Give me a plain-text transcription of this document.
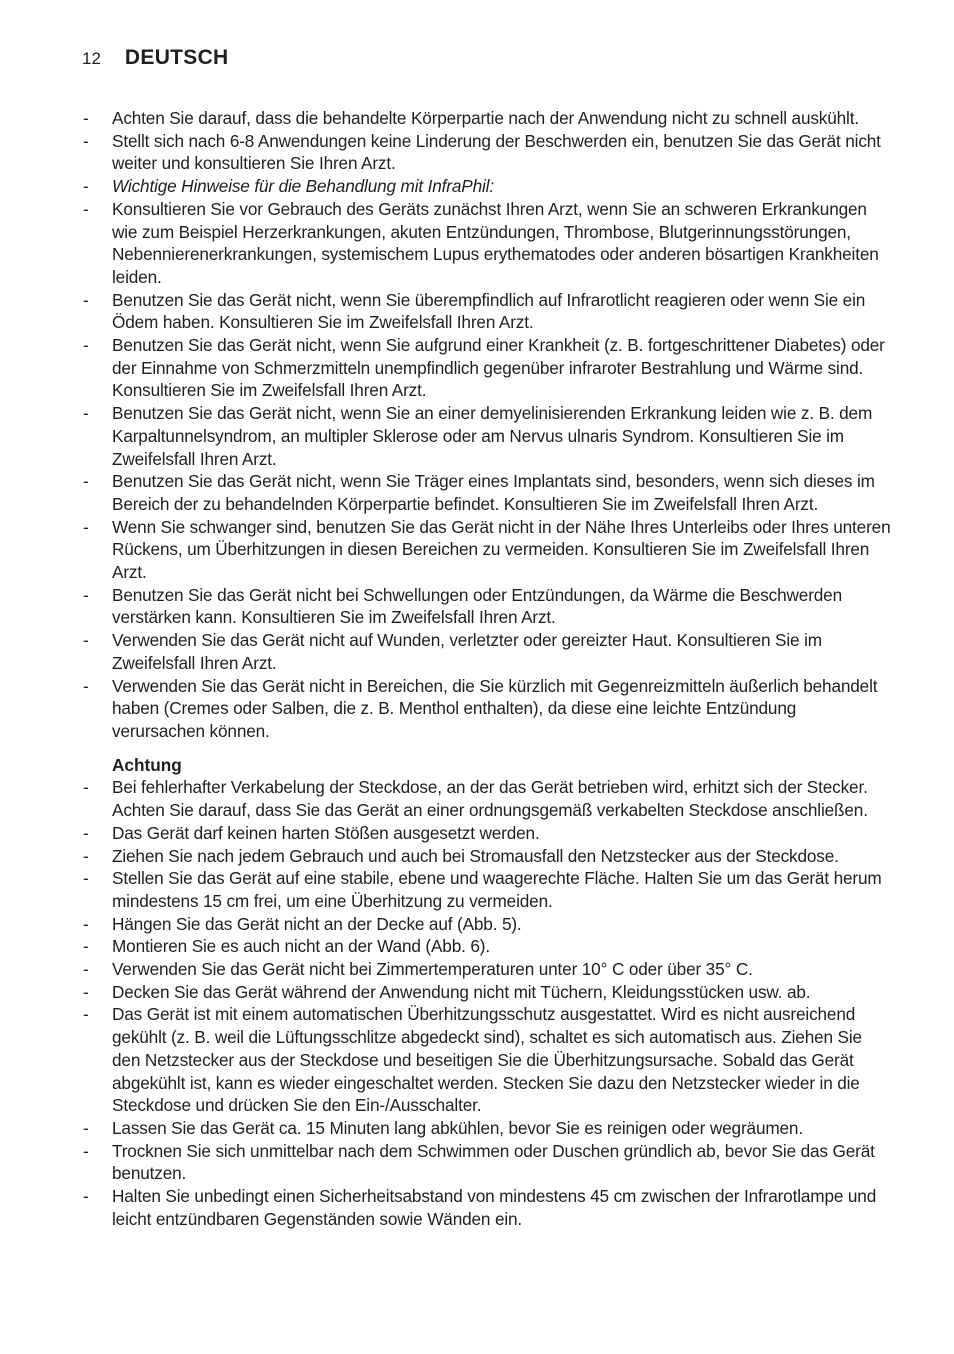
12 DEUTSCH
- Achten Sie darauf, dass die behandelte Körperpartie nach der Anwendung nicht zu schnell auskühlt.
- Stellt sich nach 6-8 Anwendungen keine Linderung der Beschwerden ein, benutzen Sie das Gerät nicht weiter und konsultieren Sie Ihren Arzt.
- Wichtige Hinweise für die Behandlung mit InfraPhil:
- Konsultieren Sie vor Gebrauch des Geräts zunächst Ihren Arzt, wenn Sie an schweren Erkrankungen wie zum Beispiel Herzerkrankungen, akuten Entzündungen, Thrombose, Blutgerinnungsstörungen, Nebennierenerkrankungen, systemischem Lupus erythematodes oder anderen bösartigen Krankheiten leiden.
- Benutzen Sie das Gerät nicht, wenn Sie überempfindlich auf Infrarotlicht reagieren oder wenn Sie ein Ödem haben. Konsultieren Sie im Zweifelsfall Ihren Arzt.
- Benutzen Sie das Gerät nicht, wenn Sie aufgrund einer Krankheit (z. B. fortgeschrittener Diabetes) oder der Einnahme von Schmerzmitteln unempfindlich gegenüber infraroter Bestrahlung und Wärme sind. Konsultieren Sie im Zweifelsfall Ihren Arzt.
- Benutzen Sie das Gerät nicht, wenn Sie an einer demyelinisierenden Erkrankung leiden wie z. B. dem Karpaltunnelsyndrom, an multipler Sklerose oder am Nervus ulnaris Syndrom. Konsultieren Sie im Zweifelsfall Ihren Arzt.
- Benutzen Sie das Gerät nicht, wenn Sie Träger eines Implantats sind, besonders, wenn sich dieses im Bereich der zu behandelnden Körperpartie befindet. Konsultieren Sie im Zweifelsfall Ihren Arzt.
- Wenn Sie schwanger sind, benutzen Sie das Gerät nicht in der Nähe Ihres Unterleibs oder Ihres unteren Rückens, um Überhitzungen in diesen Bereichen zu vermeiden. Konsultieren Sie im Zweifelsfall Ihren Arzt.
- Benutzen Sie das Gerät nicht bei Schwellungen oder Entzündungen, da Wärme die Beschwerden verstärken kann. Konsultieren Sie im Zweifelsfall Ihren Arzt.
- Verwenden Sie das Gerät nicht auf Wunden, verletzter oder gereizter Haut. Konsultieren Sie im Zweifelsfall Ihren Arzt.
- Verwenden Sie das Gerät nicht in Bereichen, die Sie kürzlich mit Gegenreizmitteln äußerlich behandelt haben (Cremes oder Salben, die z. B. Menthol enthalten), da diese eine leichte Entzündung verursachen können.
Achtung
- Bei fehlerhafter Verkabelung der Steckdose, an der das Gerät betrieben wird, erhitzt sich der Stecker. Achten Sie darauf, dass Sie das Gerät an einer ordnungsgemäß verkabelten Steckdose anschließen.
- Das Gerät darf keinen harten Stößen ausgesetzt werden.
- Ziehen Sie nach jedem Gebrauch und auch bei Stromausfall den Netzstecker aus der Steckdose.
- Stellen Sie das Gerät auf eine stabile, ebene und waagerechte Fläche. Halten Sie um das Gerät herum mindestens 15 cm frei, um eine Überhitzung zu vermeiden.
- Hängen Sie das Gerät nicht an der Decke auf (Abb. 5).
- Montieren Sie es auch nicht an der Wand (Abb. 6).
- Verwenden Sie das Gerät nicht bei Zimmertemperaturen unter 10° C oder über 35° C.
- Decken Sie das Gerät während der Anwendung nicht mit Tüchern, Kleidungsstücken usw. ab.
- Das Gerät ist mit einem automatischen Überhitzungsschutz ausgestattet. Wird es nicht ausreichend gekühlt (z. B. weil die Lüftungsschlitze abgedeckt sind), schaltet es sich automatisch aus. Ziehen Sie den Netzstecker aus der Steckdose und beseitigen Sie die Überhitzungsursache. Sobald das Gerät abgekühlt ist, kann es wieder eingeschaltet werden. Stecken Sie dazu den Netzstecker wieder in die Steckdose und drücken Sie den Ein-/Ausschalter.
- Lassen Sie das Gerät ca. 15 Minuten lang abkühlen, bevor Sie es reinigen oder wegräumen.
- Trocknen Sie sich unmittelbar nach dem Schwimmen oder Duschen gründlich ab, bevor Sie das Gerät benutzen.
- Halten Sie unbedingt einen Sicherheitsabstand von mindestens 45 cm zwischen der Infrarotlampe und leicht entzündbaren Gegenständen sowie Wänden ein.
